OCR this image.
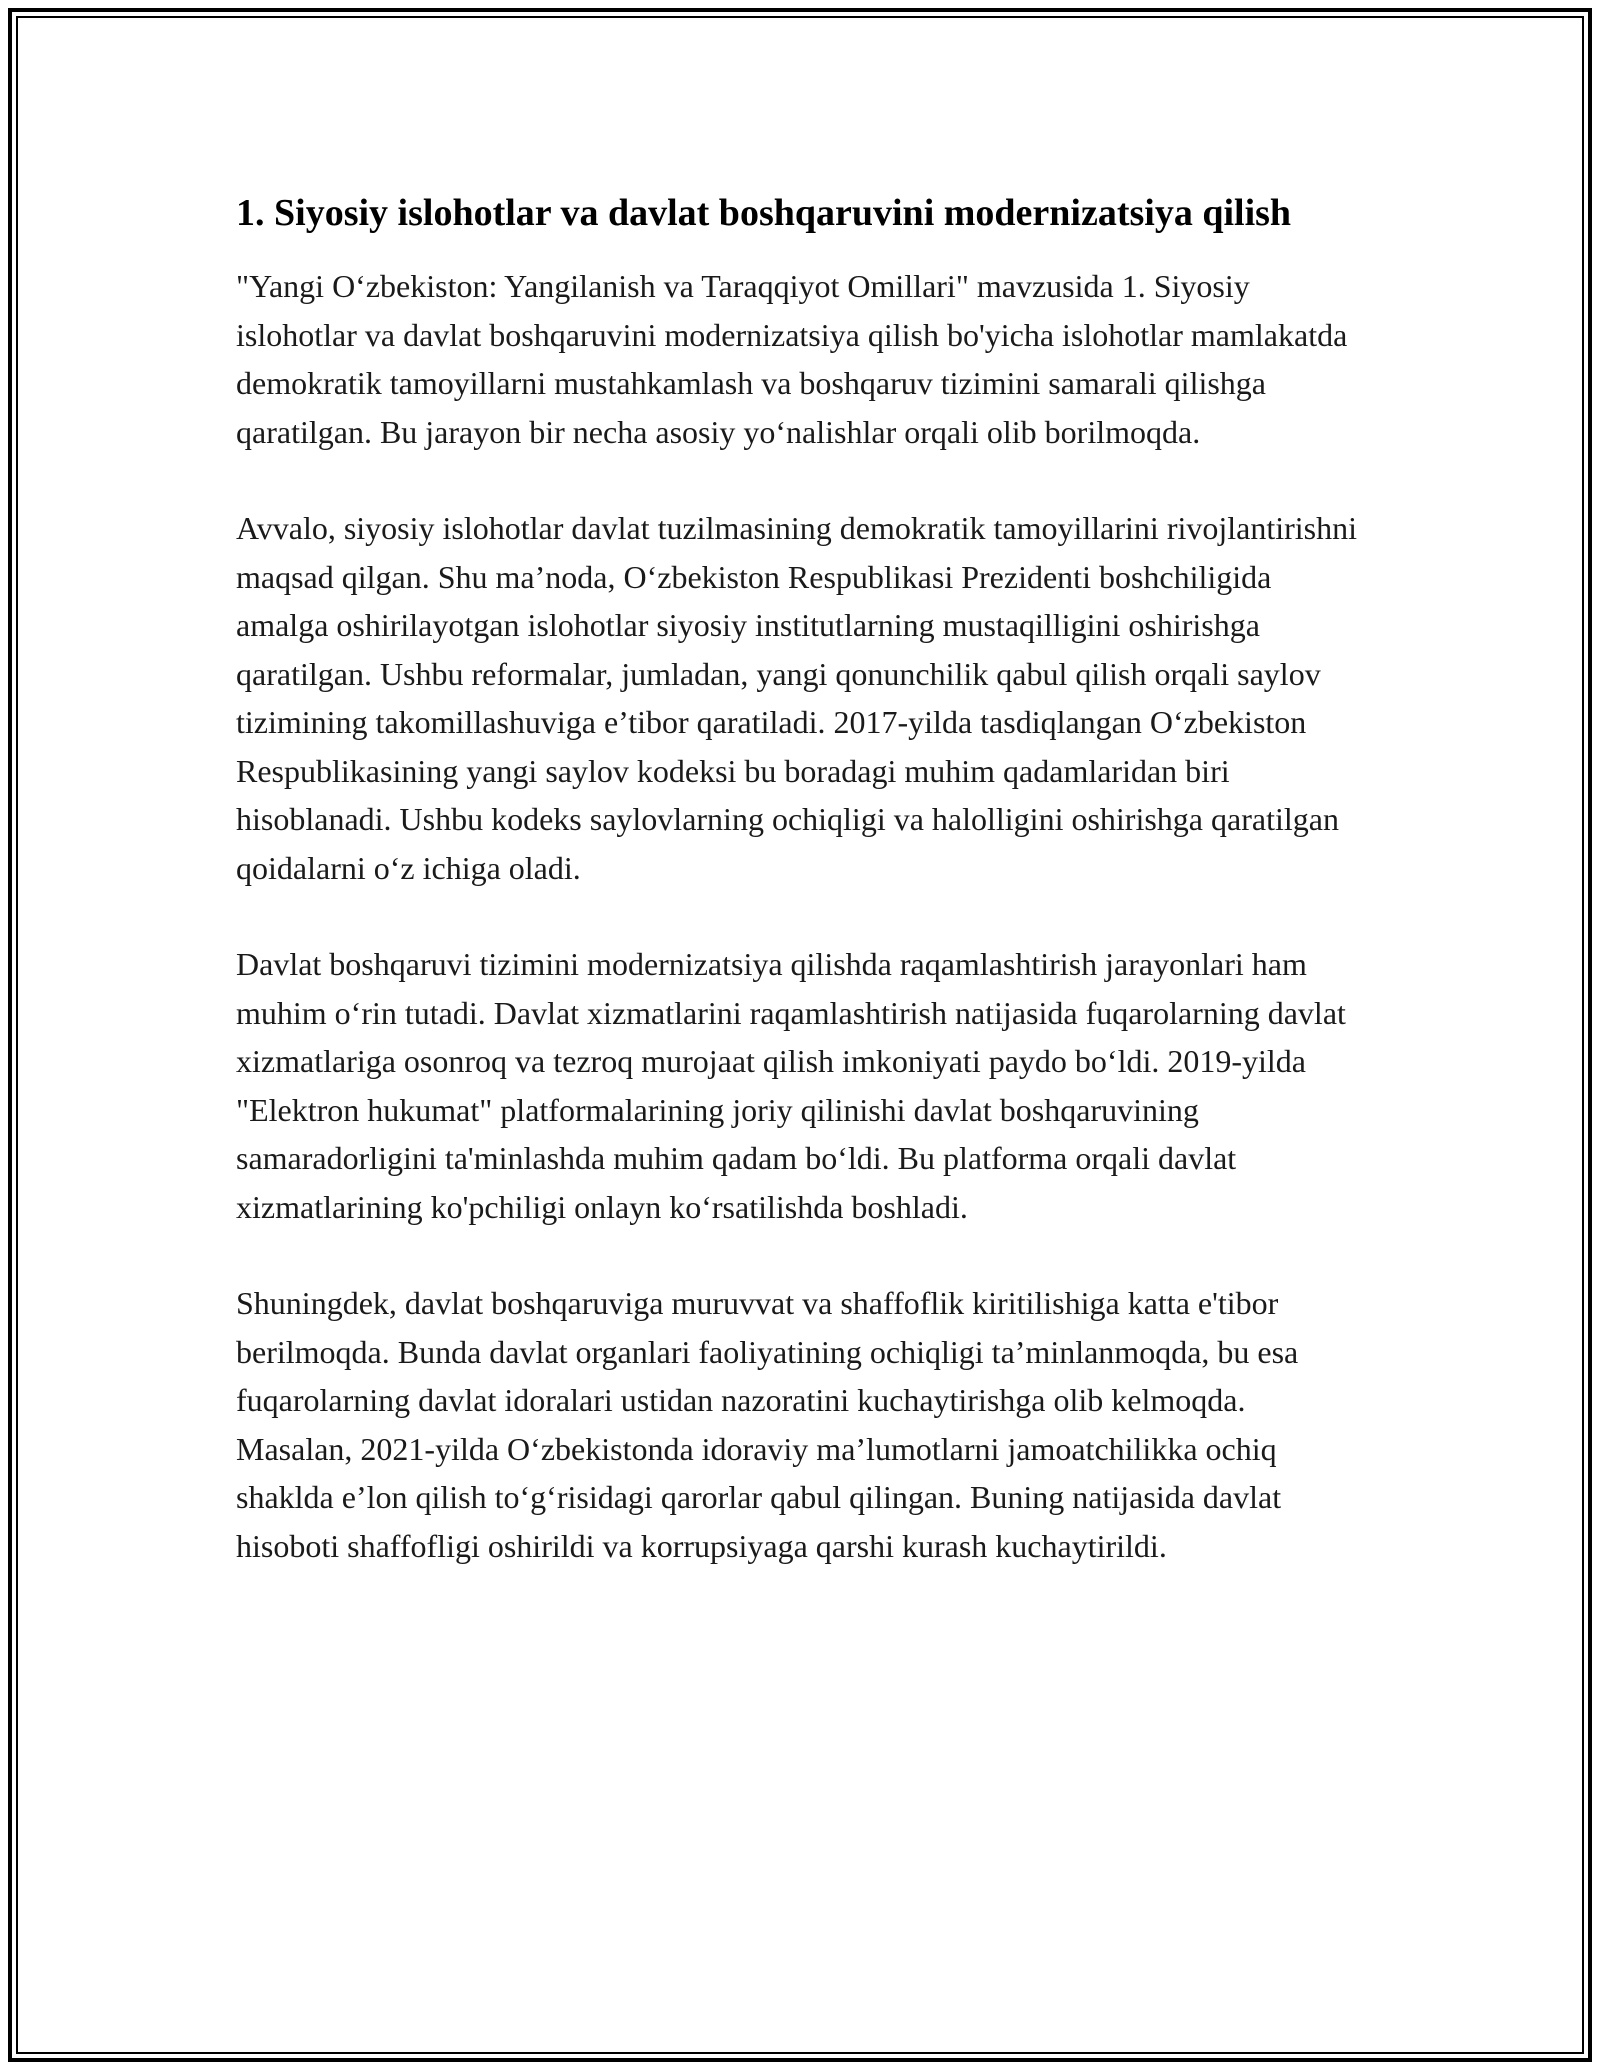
1. Siyosiy islohotlar va davlat boshqaruvini modernizatsiya qilish

"Yangi O‘zbekiston: Yangilanish va Taraqqiyot Omillari" mavzusida 1. Siyosiy islohotlar va davlat boshqaruvini modernizatsiya qilish bo'yicha islohotlar mamlakatda demokratik tamoyillarni mustahkamlash va boshqaruv tizimini samarali qilishga qaratilgan. Bu jarayon bir necha asosiy yo‘nalishlar orqali olib borilmoqda.

Avvalo, siyosiy islohotlar davlat tuzilmasining demokratik tamoyillarini rivojlantirishni maqsad qilgan. Shu ma’noda, O‘zbekiston Respublikasi Prezidenti boshchiligida amalga oshirilayotgan islohotlar siyosiy institutlarning mustaqilligini oshirishga qaratilgan. Ushbu reformalar, jumladan, yangi qonunchilik qabul qilish orqali saylov tizimining takomillashuviga e’tibor qaratiladi. 2017-yilda tasdiqlangan O‘zbekiston Respublikasining yangi saylov kodeksi bu boradagi muhim qadamlaridan biri hisoblanadi. Ushbu kodeks saylovlarning ochiqligi va halolligini oshirishga qaratilgan qoidalarni o‘z ichiga oladi.

Davlat boshqaruvi tizimini modernizatsiya qilishda raqamlashtirish jarayonlari ham muhim o‘rin tutadi. Davlat xizmatlarini raqamlashtirish natijasida fuqarolarning davlat xizmatlariga osonroq va tezroq murojaat qilish imkoniyati paydo bo‘ldi. 2019-yilda "Elektron hukumat" platformalarining joriy qilinishi davlat boshqaruvining samaradorligini ta'minlashda muhim qadam bo‘ldi. Bu platforma orqali davlat xizmatlarining ko'pchiligi onlayn ko‘rsatilishda boshladi.

Shuningdek, davlat boshqaruviga muruvvat va shaffoflik kiritilishiga katta e'tibor berilmoqda. Bunda davlat organlari faoliyatining ochiqligi ta’minlanmoqda, bu esa fuqarolarning davlat idoralari ustidan nazoratini kuchaytirishga olib kelmoqda. Masalan, 2021-yilda O‘zbekistonda idoraviy ma’lumotlarni jamoatchilikka ochiq shaklda e’lon qilish to‘g‘risidagi qarorlar qabul qilingan. Buning natijasida davlat hisoboti shaffofligi oshirildi va korrupsiyaga qarshi kurash kuchaytirildi.
